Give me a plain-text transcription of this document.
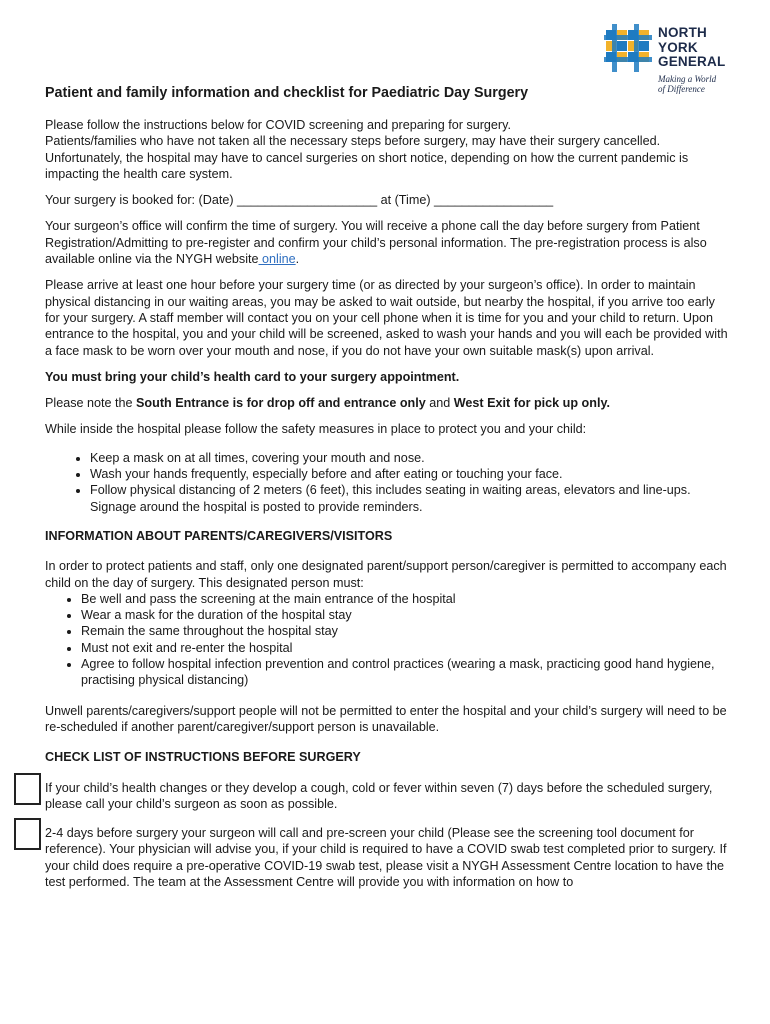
NORTH
YORK
GENERAL
Making a World
of Difference
Patient and family information and checklist for Paediatric Day Surgery

Please follow the instructions below for COVID screening and preparing for surgery.
Patients/families who have not taken all the necessary steps before surgery, may have their surgery cancelled.
Unfortunately, the hospital may have to cancel surgeries on short notice, depending on how the current pandemic is impacting the health care system.

Your surgery is booked for: (Date) ____________________ at (Time) _________________

Your surgeon’s office will confirm the time of surgery. You will receive a phone call the day before surgery from Patient Registration/Admitting to pre-register and confirm your child’s personal information. The pre-registration process is also available online via the NYGH website online.

Please arrive at least one hour before your surgery time (or as directed by your surgeon’s office). In order to maintain physical distancing in our waiting areas, you may be asked to wait outside, but nearby the hospital, if you arrive too early for your surgery. A staff member will contact you on your cell phone when it is time for you and your child to return. Upon entrance to the hospital, you and your child will be screened, asked to wash your hands and you will each be provided with a face mask to be worn over your mouth and nose, if you do not have your own suitable mask(s) upon arrival.

You must bring your child’s health card to your surgery appointment.

Please note the South Entrance is for drop off and entrance only and West Exit for pick up only.

While inside the hospital please follow the safety measures in place to protect you and your child:

• Keep a mask on at all times, covering your mouth and nose.
• Wash your hands frequently, especially before and after eating or touching your face.
• Follow physical distancing of 2 meters (6 feet), this includes seating in waiting areas, elevators and line-ups. Signage around the hospital is posted to provide reminders.

INFORMATION ABOUT PARENTS/CAREGIVERS/VISITORS

In order to protect patients and staff, only one designated parent/support person/caregiver is permitted to accompany each child on the day of surgery. This designated person must:

• Be well and pass the screening at the main entrance of the hospital
• Wear a mask for the duration of the hospital stay
• Remain the same throughout the hospital stay
• Must not exit and re-enter the hospital
• Agree to follow hospital infection prevention and control practices (wearing a mask, practicing good hand hygiene, practising physical distancing)

Unwell parents/caregivers/support people will not be permitted to enter the hospital and your child’s surgery will need to be re-scheduled if another parent/caregiver/support person is unavailable.

CHECK LIST OF INSTRUCTIONS BEFORE SURGERY

If your child’s health changes or they develop a cough, cold or fever within seven (7) days before the scheduled surgery, please call your child’s surgeon as soon as possible.
2-4 days before surgery your surgeon will call and pre-screen your child (Please see the screening tool document for reference). Your physician will advise you, if your child is required to have a COVID swab test completed prior to surgery. If your child does require a pre-operative COVID-19 swab test, please visit a NYGH Assessment Centre location to have the test performed. The team at the Assessment Centre will provide you with information on how to
